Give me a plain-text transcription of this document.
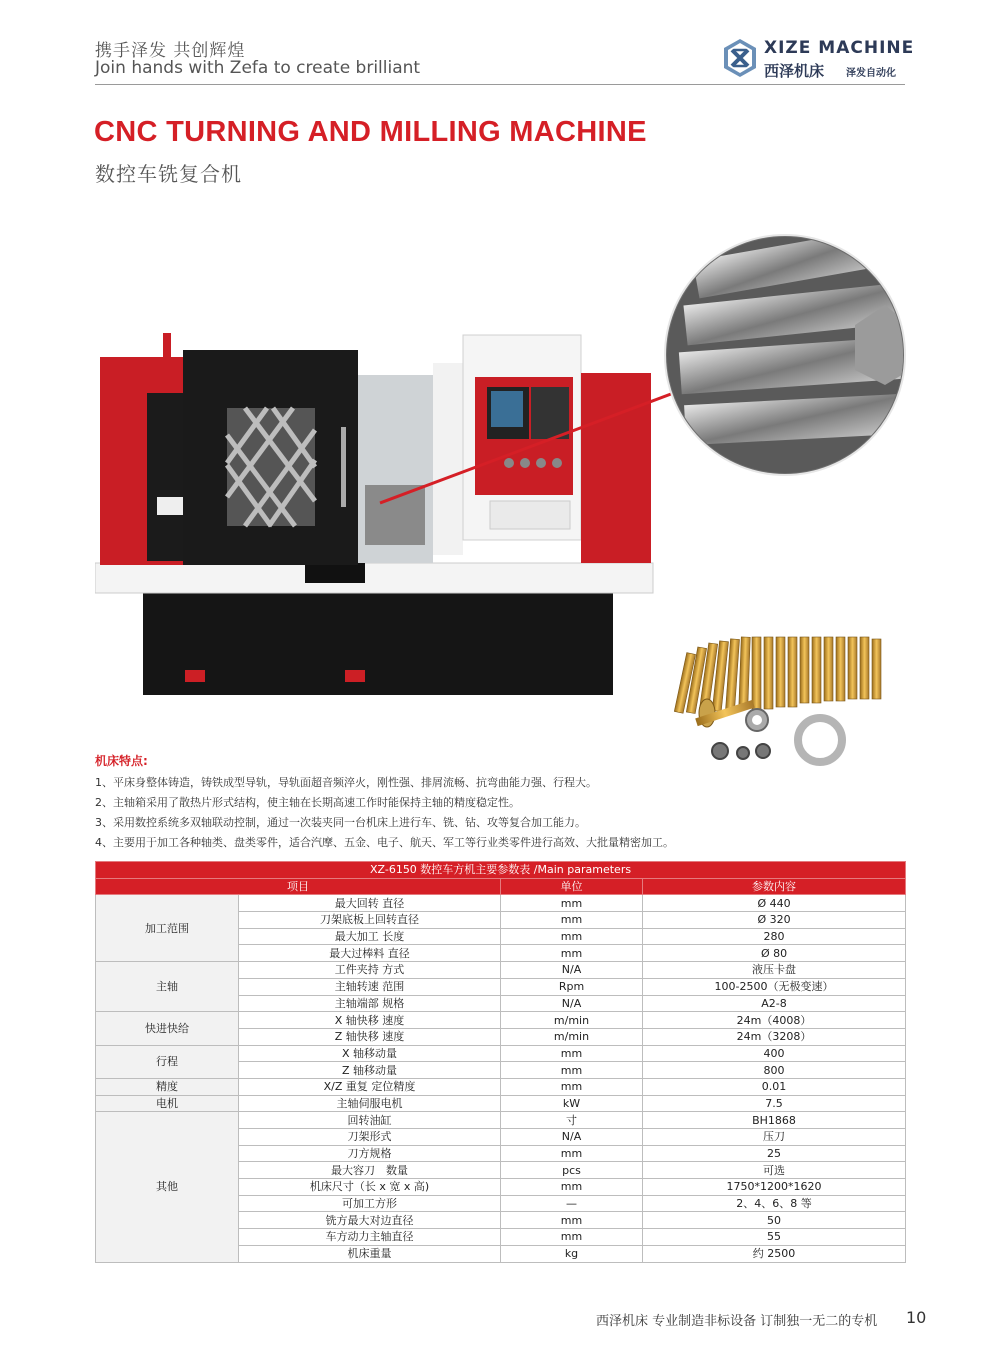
携手泽发 共创辉煌
Join hands with Zefa to create brilliant
XIZE MACHINE
西泽机床 泽发自动化
CNC TURNING AND MILLING MACHINE
数控车铣复合机
机床特点:
1、平床身整体铸造，铸铁成型导轨，导轨面超音频淬火，刚性强、排屑流畅、抗弯曲能力强、行程大。
2、主轴箱采用了散热片形式结构，使主轴在长期高速工作时能保持主轴的精度稳定性。
3、采用数控系统多双轴联动控制，通过一次装夹同一台机床上进行车、铣、钻、攻等复合加工能力。
4、主要用于加工各种轴类、盘类零件，适合汽摩、五金、电子、航天、军工等行业类零件进行高效、大批量精密加工。
XZ-6150 数控车方机主要参数表 /Main parameters			
项目		单位	参数内容
加工范围	最大回转 直径	mm	Ø 440
	刀架底板上回转直径	mm	Ø 320
	最大加工 长度	mm	280
	最大过棒料 直径	mm	Ø 80
主轴	工件夹持 方式	N/A	液压卡盘
	主轴转速 范围	Rpm	100-2500（无极变速）
	主轴端部 规格	N/A	A2-8
快进快给	X 轴快移 速度	m/min	24m（4008）
	Z 轴快移 速度	m/min	24m（3208）
行程	X 轴移动量	mm	400
	Z 轴移动量	mm	800
精度	X/Z 重复 定位精度	mm	0.01
电机	主轴伺服电机	kW	7.5
其他	回转油缸	寸	BH1868
	刀架形式	N/A	压刀
	刀方规格	mm	25
	最大容刀　数量	pcs	可选
	机床尺寸（长 x 宽 x 高)	mm	1750*1200*1620
	可加工方形	—	2、4、6、8 等
	铣方最大对边直径	mm	50
	车方动力主轴直径	mm	55
	机床重量	kg	约 2500
西泽机床 专业制造非标设备 订制独一无二的专机 10
